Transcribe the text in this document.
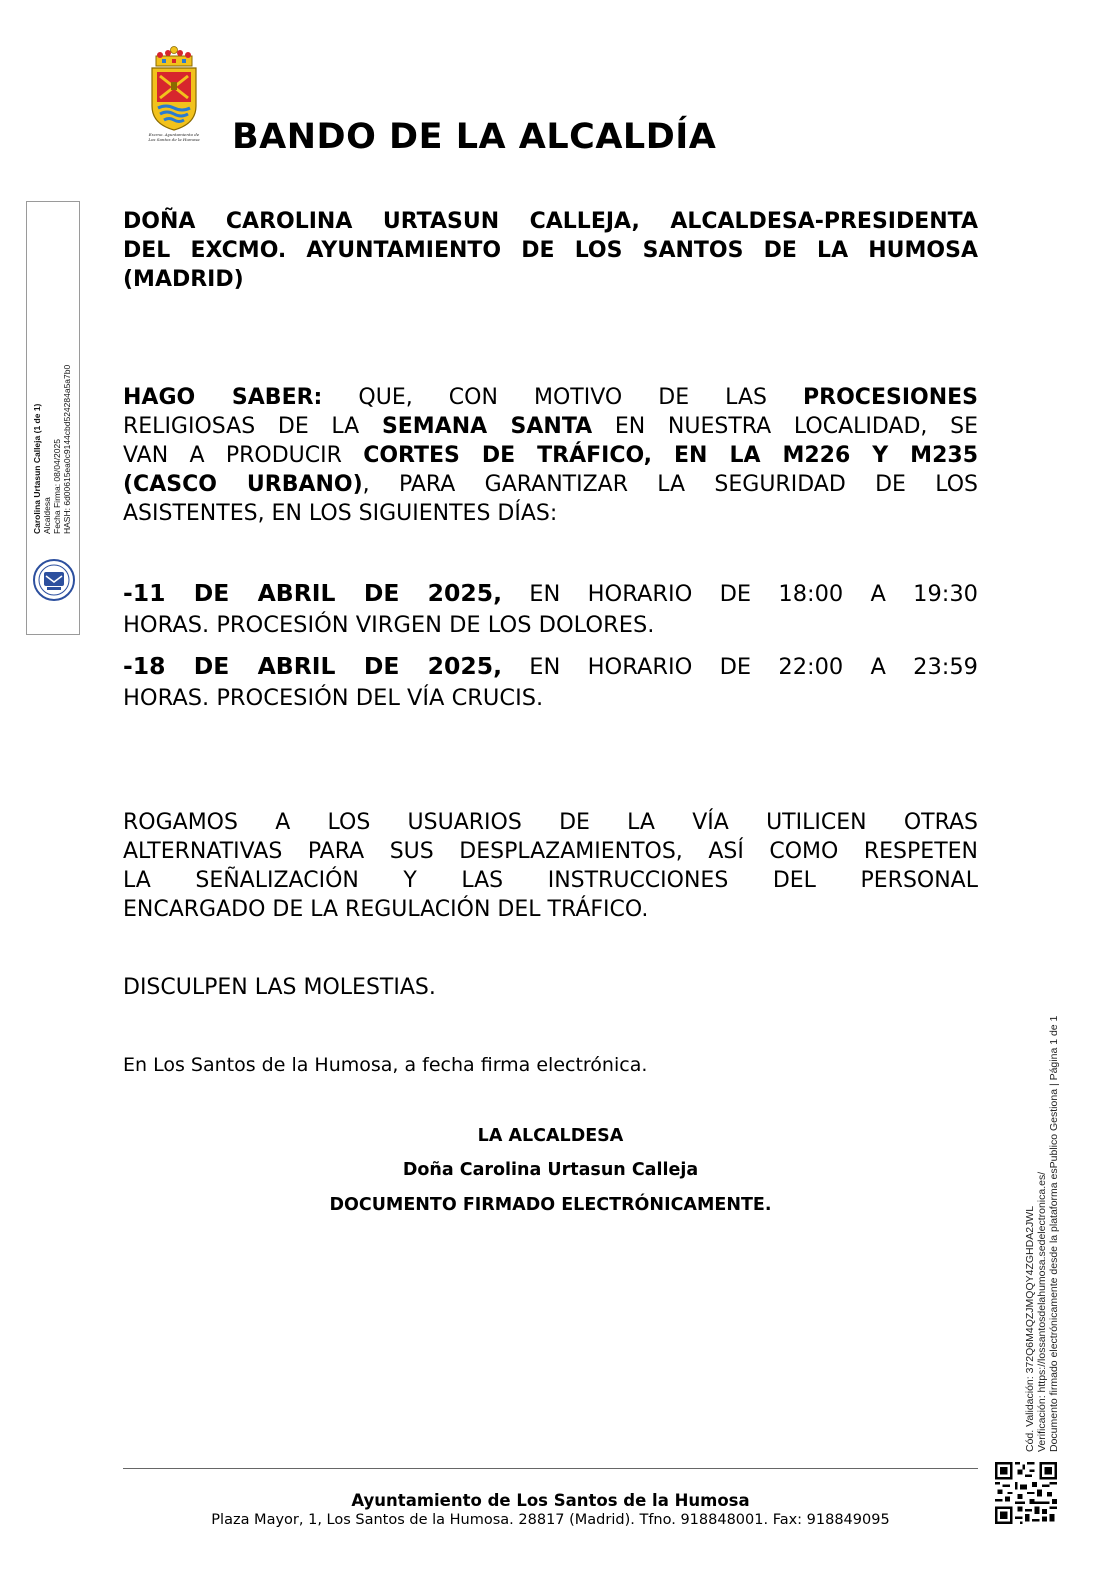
Excmo. Ayuntamiento de
Los Santos de la Humosa BANDO DE LA ALCALDÍA
DOÑA CAROLINA URTASUN CALLEJA, ALCALDESA-PRESIDENTA
DEL EXCMO. AYUNTAMIENTO DE LOS SANTOS DE LA HUMOSA
(MADRID)
HAGO SABER: QUE, CON MOTIVO DE LAS PROCESIONES
RELIGIOSAS DE LA SEMANA SANTA EN NUESTRA LOCALIDAD, SE
VAN A PRODUCIR CORTES DE TRÁFICO, EN LA M226 Y M235
(CASCO URBANO), PARA GARANTIZAR LA SEGURIDAD DE LOS
ASISTENTES, EN LOS SIGUIENTES DÍAS:
-11 DE ABRIL DE 2025, EN HORARIO DE 18:00 A 19:30
HORAS. PROCESIÓN VIRGEN DE LOS DOLORES.
-18 DE ABRIL DE 2025, EN HORARIO DE 22:00 A 23:59
HORAS. PROCESIÓN DEL VÍA CRUCIS.
ROGAMOS A LOS USUARIOS DE LA VÍA UTILICEN OTRAS
ALTERNATIVAS PARA SUS DESPLAZAMIENTOS, ASÍ COMO RESPETEN
LA SEÑALIZACIÓN Y LAS INSTRUCCIONES DEL PERSONAL
ENCARGADO DE LA REGULACIÓN DEL TRÁFICO.
DISCULPEN LAS MOLESTIAS.
En Los Santos de la Humosa, a fecha firma electrónica.
LA ALCALDESA
Doña Carolina Urtasun Calleja
DOCUMENTO FIRMADO ELECTRÓNICAMENTE.
Carolina Urtasun Calleja (1 de 1) Alcaldesa Fecha Firma: 08/04/2025 HASH: 6d00615ea0c9144cbd524284a5a7b0
Cód. Validación: 372Q6M4QZJMQQY4ZGHDA2JWL Verificación: https://lossantosdelahumosa.sedelectronica.es/ Documento firmado electrónicamente desde la plataforma esPublico Gestiona | Página 1 de 1
Ayuntamiento de Los Santos de la Humosa
Plaza Mayor, 1, Los Santos de la Humosa. 28817 (Madrid). Tfno. 918848001. Fax: 918849095
